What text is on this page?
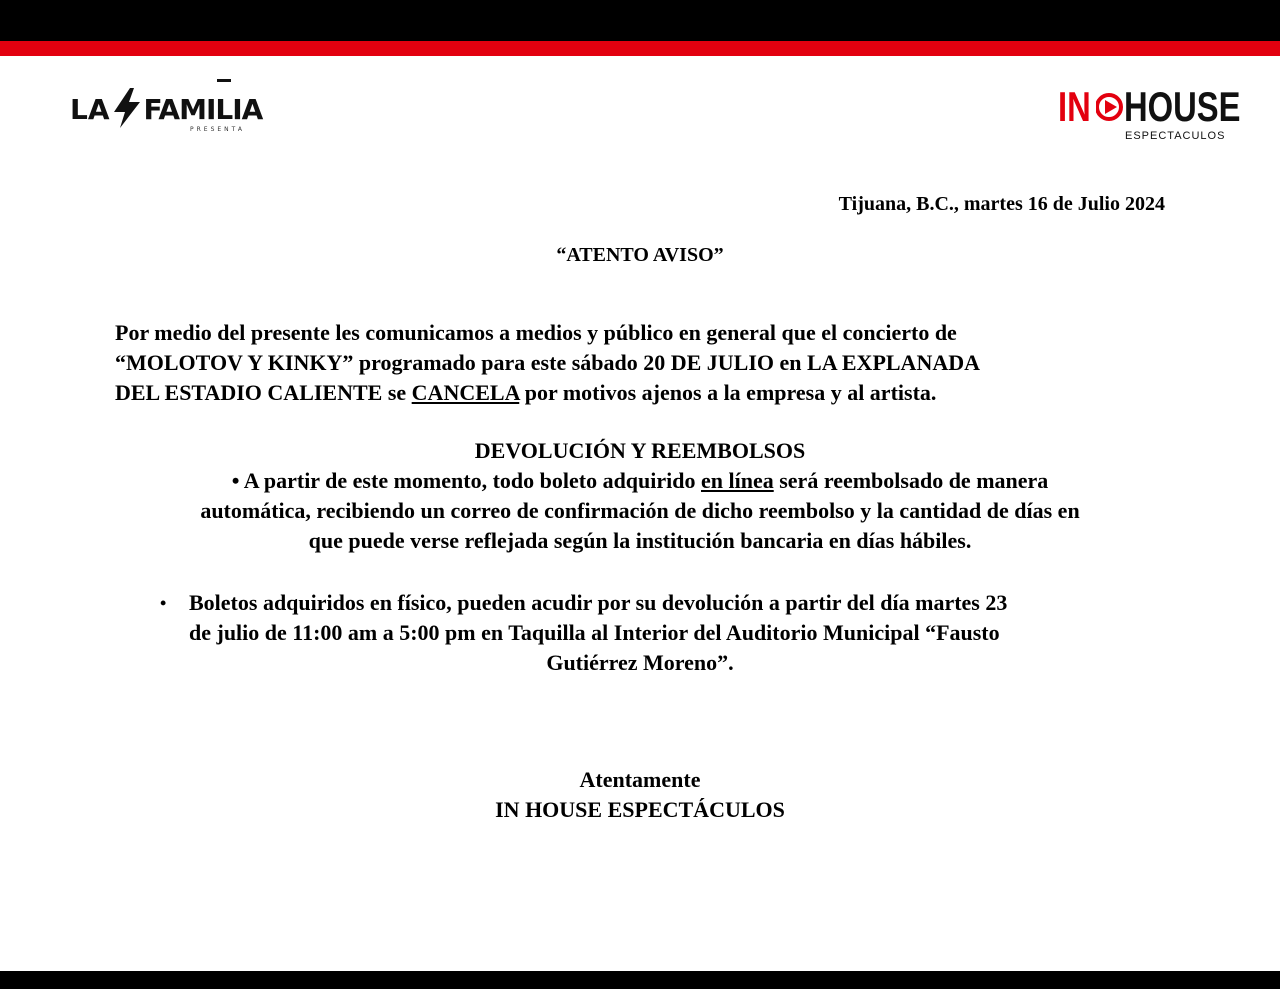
LA FAMILIA
PRESENTA	IN HOUSE
ESPECTACULOS
Tijuana, B.C., martes 16 de Julio 2024
“ATENTO AVISO”
Por medio del presente les comunicamos a medios y público en general que el concierto de
“MOLOTOV Y KINKY” programado para este sábado 20 DE JULIO en LA EXPLANADA
DEL ESTADIO CALIENTE se CANCELA por motivos ajenos a la empresa y al artista.
DEVOLUCIÓN Y REEMBOLSOS
• A partir de este momento, todo boleto adquirido en línea será reembolsado de manera
automática, recibiendo un correo de confirmación de dicho reembolso y la cantidad de días en
que puede verse reflejada según la institución bancaria en días hábiles.
• Boletos adquiridos en físico, pueden acudir por su devolución a partir del día martes 23
de julio de 11:00 am a 5:00 pm en Taquilla al Interior del Auditorio Municipal “Fausto
Gutiérrez Moreno”.
Atentamente
IN HOUSE ESPECTÁCULOS
